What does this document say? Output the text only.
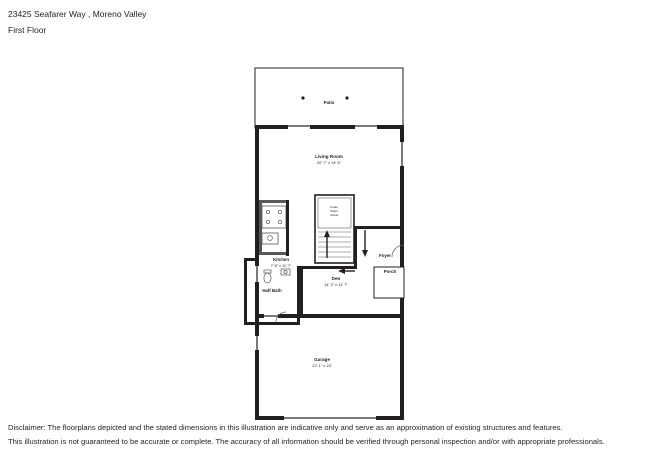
23425 Seafarer Way , Moreno Valley
First Floor
Living Room
20' 7" x 14' 5"
Kitchen
7' 8" x 11' 7"
Under
Stairs
Closet
Foyer
Den
14' 3" x 11' 7"
Porch
Half Bath
Garage
22' 1" x 23'
Patio
Disclaimer: The floorplans depicted and the stated dimensions in this illustration are indicative only and serve as an approximation of existing structures and features.
This illustration is not guaranteed to be accurate or complete. The accuracy of all information should be verified through personal inspection and/or with appropriate professionals.
